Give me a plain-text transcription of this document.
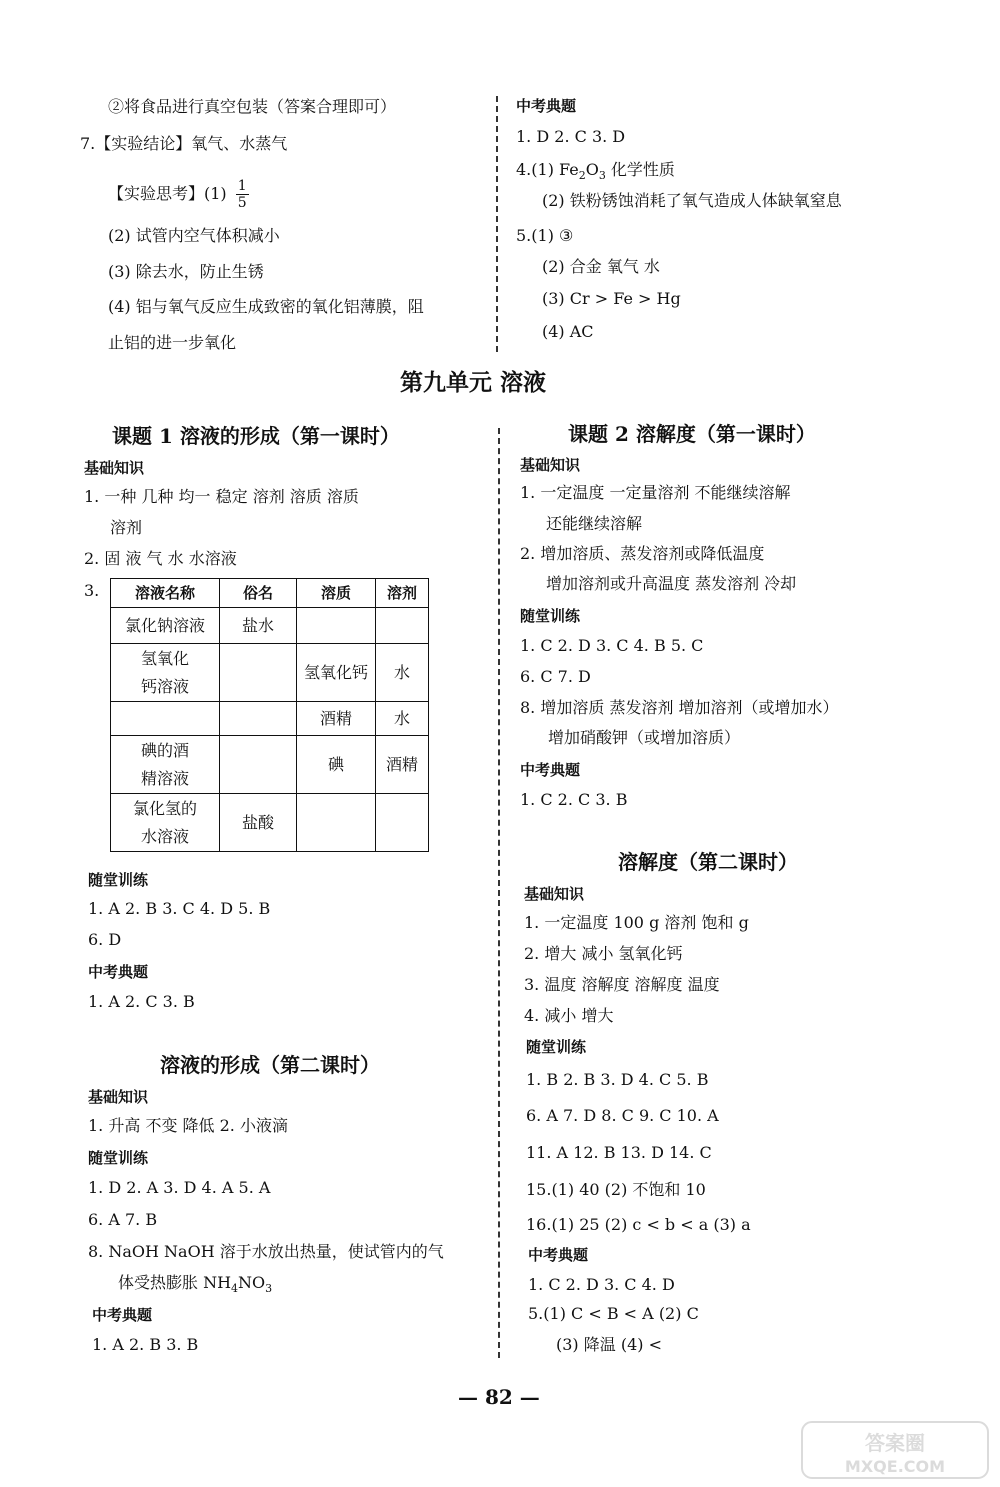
②将食品进行真空包装（答案合理即可）
7.【实验结论】氧气、水蒸气
【实验思考】$(1) \frac{1}{5}$
(2) 试管内空气体积减小
(3) 除去水，防止生锈
(4) 铝与氧气反应生成致密的氧化铝薄膜，阻
止铝的进一步氧化
中考典题
1. D 2. C 3. D
4.(1) $Fe_2O_3$ 化学性质
(2) 铁粉锈蚀消耗了氧气造成人体缺氧窒息
5.(1) ③
(2) 合金 氧气 水
(3) Cr > Fe > Hg
(4) AC
第九单元 溶液
课题 1 溶液的形成（第一课时）
基础知识
1. 一种 几种 均一 稳定 溶剂 溶质 溶质
溶剂
2. 固 液 气 水 水溶液
3. 溶液名称	俗名	溶质	溶剂
氯化钠溶液	盐水		
氢氧化
钙溶液		氢氧化钙	水
		酒精	水
碘的酒
精溶液		碘	酒精
氯化氢的
水溶液	盐酸		
随堂训练
1. A 2. B 3. C 4. D 5. B
6. D
中考典题
1. A 2. C 3. B
溶液的形成（第二课时）
基础知识
1. 升高 不变 降低 2. 小液滴
随堂训练
1. D 2. A 3. D 4. A 5. A
6. A 7. B
8. NaOH NaOH 溶于水放出热量，使试管内的气
体受热膨胀 $NH_4NO_3$
中考典题
1. A 2. B 3. B
课题 2 溶解度（第一课时）
基础知识
1. 一定温度 一定量溶剂 不能继续溶解
还能继续溶解
2. 增加溶质、蒸发溶剂或降低温度
增加溶剂或升高温度 蒸发溶剂 冷却
随堂训练
1. C 2. D 3. C 4. B 5. C
6. C 7. D
8. 增加溶质 蒸发溶剂 增加溶剂（或增加水）
增加硝酸钾（或增加溶质）
中考典题
1. C 2. C 3. B
溶解度（第二课时）
基础知识
1. 一定温度 100 g 溶剂 饱和 g
2. 增大 减小 氢氧化钙
3. 温度 溶解度 溶解度 温度
4. 减小 增大
随堂训练
1. B 2. B 3. D 4. C 5. B
6. A 7. D 8. C 9. C 10. A
11. A 12. B 13. D 14. C
15.(1) 40 (2) 不饱和 10
16.(1) 25 (2) c < b < a (3) a
中考典题
1. C 2. D 3. C 4. D
5.(1) C < B < A (2) C
(3) 降温 (4) <
— 82 —
答案圈
MXQE.COM
